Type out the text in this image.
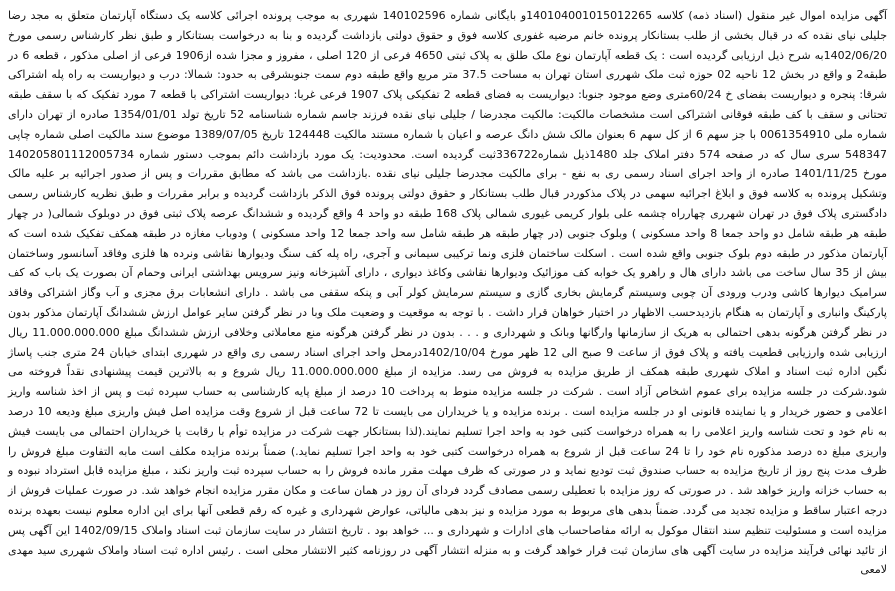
آگهی مزایده اموال غیر منقول (اسناد ذمه) کلاسه 140104001015012265و بایگانی شماره 140102596 شهرری به موجب پرونده اجرائی کلاسه یک دستگاه آپارتمان متعلق به مجد رضا جلیلی نیای نقده که در قبال بخشی از طلب بستانکار پرونده خانم مرضیه غفوری کلاسه فوق و حقوق دولتی بازداشت گردیده و بنا به درخواست بستانکار و طبق نظر کارشناس رسمی مورخ 1402/06/20به شرح ذیل ارزیابی گردیده است : یک قطعه آپارتمان نوع ملک طلق به پلاک ثبتی 4650 فرعی از 120 اصلی ، مفروز و مجزا شده از1906 فرعی از اصلی مذکور ، قطعه 6 در طبقه2 و واقع در بخش 12 ناحیه 02 حوزه ثبت ملک شهرری استان تهران به مساحت 37.5 متر مربع واقع طبقه دوم سمت جنوبشرقی به حدود: شمالا: درب و دیواریست به راه پله اشتراکی شرقا: پنجره و دیواریست بفضای خ 60/24متری وضع موجود جنوبا: دیواریست به فضای قطعه 2 تفکیکی پلاک 1907 فرعی غربا: دیواریست اشتراکی با قطعه 7 مورد تفکیک که با سقف طبقه تحتانی و سقف با کف طبقه فوقانی اشتراکی است مشخصات مالکیت: مالکیت مجدرضا / جلیلی نیای نقده فرزند جاسم شماره شناسنامه 52 تاریخ تولد 1354/01/01 صادره از تهران دارای شماره ملی 0061354910 با جز سهم 6 از کل سهم 6 بعنوان مالک شش دانگ عرصه و اعیان با شماره مستند مالکیت 124448 تاریخ 1389/07/05 موضوع سند مالکیت اصلی شماره چاپی 548347 سری سال که در صفحه 574 دفتر املاک جلد 1480ذیل شماره336722ثبت گردیده است. محدودیت: یک مورد بازداشت دائم بموجب دستور شماره 140205801112005734 مورخ 1401/11/25 صادره از واحد اجرای اسناد رسمی ری به نفع - برای مالکیت مجدرضا جلیلی نیای نقده .بازداشت می باشد که مطابق مقررات و پس از صدور اجرائیه بر علیه مالک وتشکیل پرونده به کلاسه فوق و ابلاغ اجرائیه سهمی در پلاک مذکوردر قبال طلب بستانکار و حقوق دولتی پرونده فوق الذکر بازداشت گردیده و برابر مقررات و طبق نظریه کارشناس رسمی دادگستری پلاک فوق در تهران شهرری چهارراه چشمه علی بلوار کریمی غیوری شمالی پلاک 168 طبقه دو واحد 4 واقع گردیده و ششدانگ عرصه پلاک ثبتی فوق در دوبلوک شمالی( در چهار طبقه هر طبقه شامل دو واحد جمعا 8 واحد مسکونی ) وبلوک جنوبی (در چهار طبقه هر طبقه شامل سه واحد جمعا 12 واحد مسکونی ) ودوباب مغازه در طبقه همکف تفکیک شده است که آپارتمان مذکور در طبقه دوم بلوک جنوبی واقع شده است . اسکلت ساختمان فلزی ونما ترکیبی سیمانی و آجری، راه پله کف سنگ ودیوارها نقاشی ونرده ها فلزی وفاقد آسانسور وساختمان بیش از 35 سال ساخت می باشد دارای هال و راهرو یک خوابه کف موزائیک ودیوارها نقاشی وکاغذ دیواری ، دارای آشپزخانه ونیز سرویس بهداشتی ایرانی وحمام آن بصورت یک باب که کف سرامیک دیوارها کاشی ودرب ورودی آن چوبی وسیستم گرمایش بخاری گازی و سیستم سرمایش کولر آبی و پنکه سقفی می باشد . دارای انشعابات برق مجزی و آب وگاز اشتراکی وفاقد پارکینگ وانباری و آپارتمان به هنگام بازدیدحسب الاظهار در اختیار خواهان قرار داشت . با توجه به موقعیت و وضعیت ملک وبا در نظر گرفتن سایر عوامل ارزش ششدانگ آپارتمان مذکور بدون در نظر گرفتن هرگونه بدهی احتمالی به هریک از سازمانها وارگانها وبانک و شهرداری و . . . بدون در نظر گرفتن هرگونه منع معاملاتی وخلافی ارزش ششدانگ مبلغ 11.000.000.000 ریال ارزیابی شده وارزیابی قطعیت یافته و پلاک فوق از ساعت 9 صبح الی 12 ظهر مورخ 1402/10/04درمحل واحد اجرای اسناد رسمی ری واقع در شهرری ابتدای خیابان 24 متری جنب پاساژ نگین اداره ثبت اسناد و املاک شهرری طبقه همکف از طریق مزایده به فروش می رسد. مزایده از مبلغ 11.000.000.000 ریال شروع و به بالاترین قیمت پیشنهادی نقداً فروخته می شود.شرکت در جلسه مزایده برای عموم اشخاص آزاد است . شرکت در جلسه مزایده منوط به پرداخت 10 درصد از مبلغ پایه کارشناسی به حساب سپرده ثبت و پس از اخذ شناسه واریز اعلامی و حضور خریدار و یا نماینده قانونی او در جلسه مزایده است . برنده مزایده و یا خریداران می بایست تا 72 ساعت قبل از شروع وقت مزایده اصل فیش واریزی مبلغ ودیعه 10 درصد به نام خود و تحت شناسه واریز اعلامی را به همراه درخواست کتبی خود به واحد اجرا تسلیم نمایند.(لذا بستانکار جهت شرکت در مزایده توأم با رقابت یا خریداران احتمالی می بایست فیش واریزی مبلغ ده درصد مذکوره نام خود را تا 24 ساعت قبل از شروع به همراه درخواست کتبی خود به واحد اجرا تسلیم نماید.) ضمناً برنده مزایده مکلف است مابه التفاوت مبلغ فروش را ظرف مدت پنج روز از تاریخ مزایده به حساب صندوق ثبت تودیع نماید و در صورتی که ظرف مهلت مقرر مانده فروش را به حساب سپرده ثبت واریز نکند ، مبلغ مزایده قابل استرداد نبوده و به حساب خزانه واریز خواهد شد . در صورتی که روز مزایده با تعطیلی رسمی مصادف گردد فردای آن روز در همان ساعت و مکان مقرر مزایده انجام خواهد شد. در صورت عملیات فروش از درجه اعتبار ساقط و مزایده تجدید می گردد. ضمناً بدهی های مربوط به مورد مزایده و نیز بدهی مالیاتی، عوارض شهرداری و غیره که رقم قطعی آنها برای این اداره معلوم نیست بعهده برنده مزایده است و مسئولیت تنظیم سند انتقال موکول به ارائه مفاصاحساب های ادارات و شهرداری و ... خواهد بود . تاریخ انتشار در سایت سازمان ثبت اسناد واملاک 1402/09/15 این آگهی پس از تائید نهائی فرآیند مزایده در سایت آگهی های سازمان ثبت قرار خواهد گرفت و به منزله انتشار آگهی در روزنامه کثیر الانتشار محلی است . رئیس اداره ثبت اسناد واملاک شهرری سید مهدی لامعی
